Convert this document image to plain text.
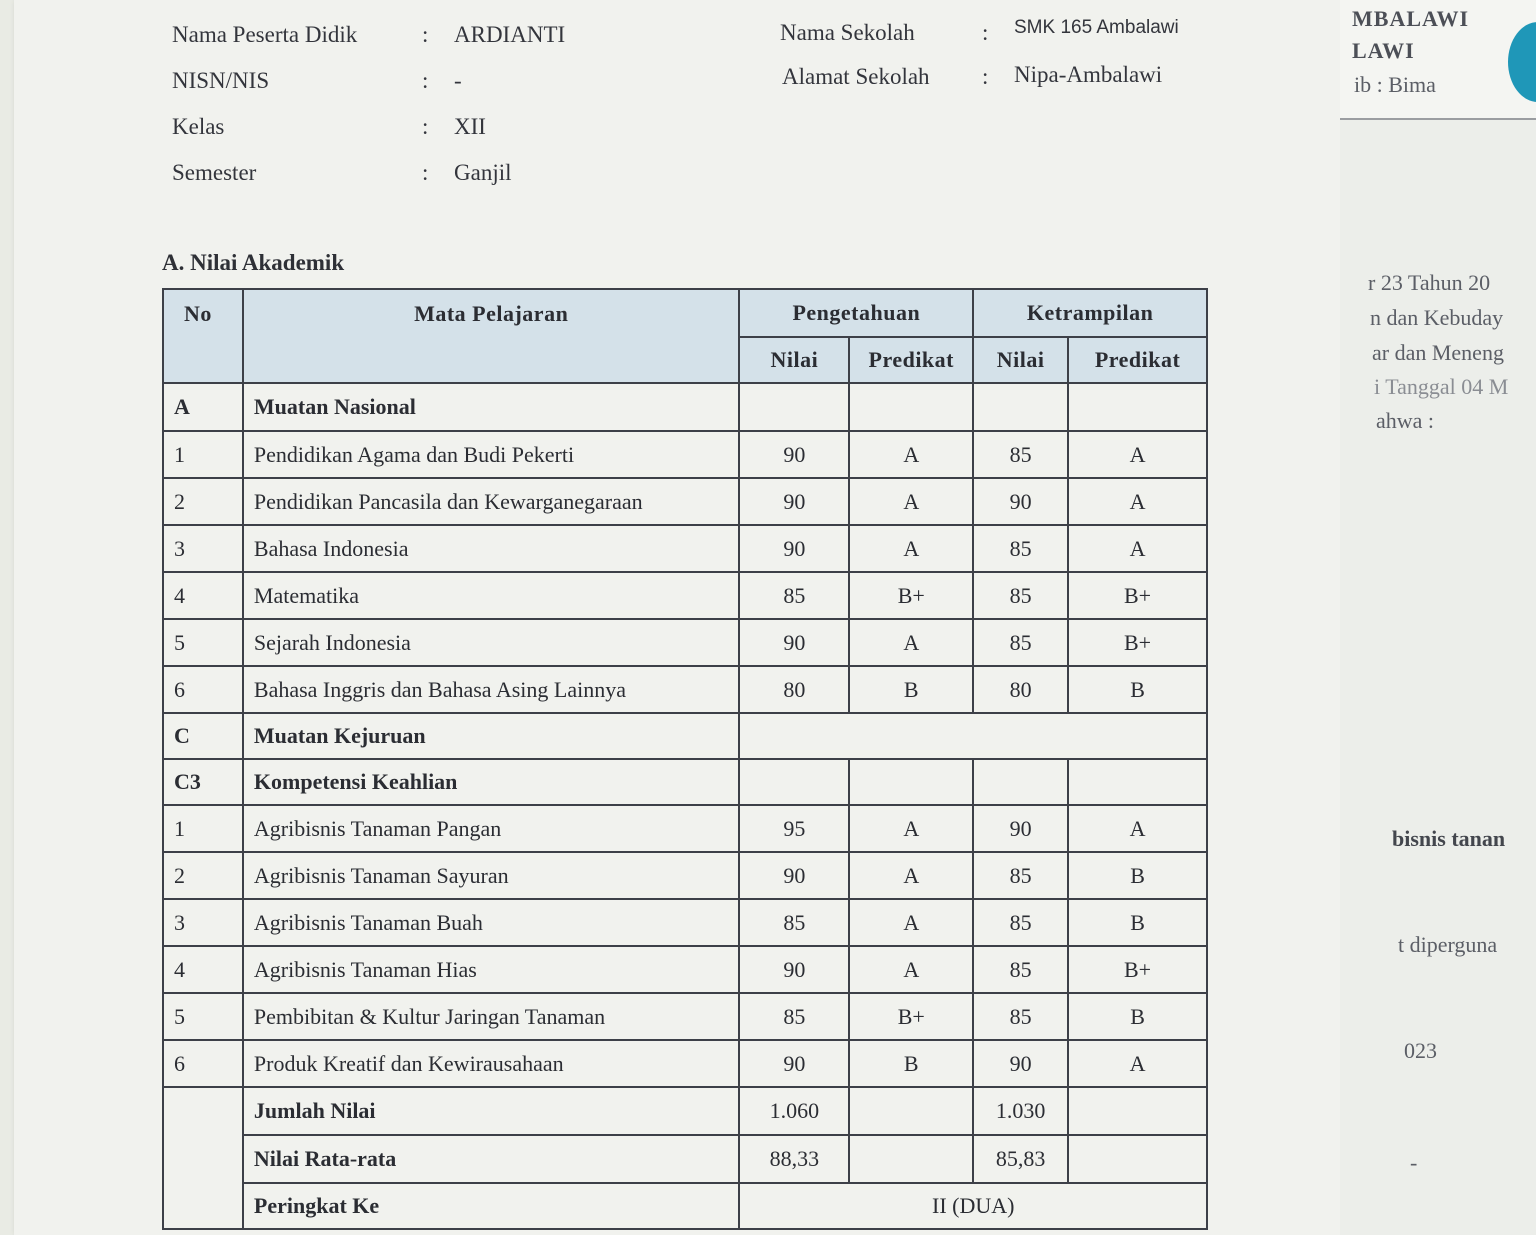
MBALAWI
LAWI
ib : Bima
r 23 Tahun 20
n dan Kebuday
ar dan Meneng
i Tanggal 04 M
ahwa :
bisnis tanan
t diperguna
023
-
Nama Peserta Didik	: ARDIANTI
NISN/NIS	: -
Kelas	: XII
Semester	: Ganjil
Nama Sekolah	: SMK 165 Ambalawi
Alamat Sekolah : Nipa-Ambalawi
A. Nilai Akademik
No	Mata Pelajaran	Pengetahuan		Ketrampilan	
		Nilai	Predikat	Nilai	Predikat
A	Muatan Nasional				
1	Pendidikan Agama dan Budi Pekerti	90	A	85	A
2	Pendidikan Pancasila dan Kewarganegaraan	90	A	90	A
3	Bahasa Indonesia	90	A	85	A
4	Matematika	85	B+	85	B+
5	Sejarah Indonesia	90	A	85	B+
6	Bahasa Inggris dan Bahasa Asing Lainnya	80	B	80	B
C	Muatan Kejuruan				
C3	Kompetensi Keahlian				
1	Agribisnis Tanaman Pangan	95	A	90	A
2	Agribisnis Tanaman Sayuran	90	A	85	B
3	Agribisnis Tanaman Buah	85	A	85	B
4	Agribisnis Tanaman Hias	90	A	85	B+
5	Pembibitan & Kultur Jaringan Tanaman	85	B+	85	B
6	Produk Kreatif dan Kewirausahaan	90	B	90	A
	Jumlah Nilai	1.060		1.030	
	Nilai Rata-rata	88,33		85,83	
	Peringkat Ke	II (DUA)			
